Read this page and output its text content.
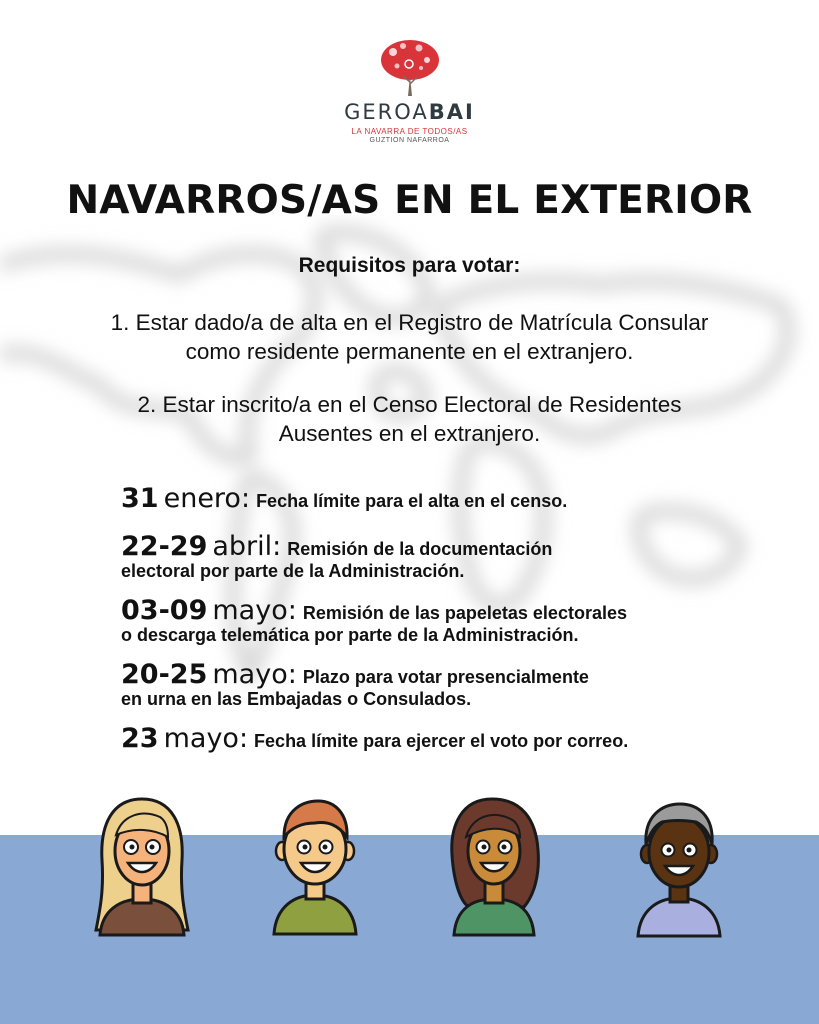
GEROABAI
LA NAVARRA DE TODOS/AS
GUZTION NAFARROA
NAVARROS/AS EN EL EXTERIOR
Requisitos para votar:
1. Estar dado/a de alta en el Registro de Matrícula Consular
como residente permanente en el extranjero.
2. Estar inscrito/a en el Censo Electoral de Residentes
Ausentes en el extranjero.
31 enero: Fecha límite para el alta en el censo.
22-29 abril: Remisión de la documentación
electoral por parte de la Administración.
03-09 mayo: Remisión de las papeletas electorales
o descarga telemática por parte de la Administración.
20-25 mayo: Plazo para votar presencialmente
en urna en las Embajadas o Consulados.
23 mayo: Fecha límite para ejercer el voto por correo.
